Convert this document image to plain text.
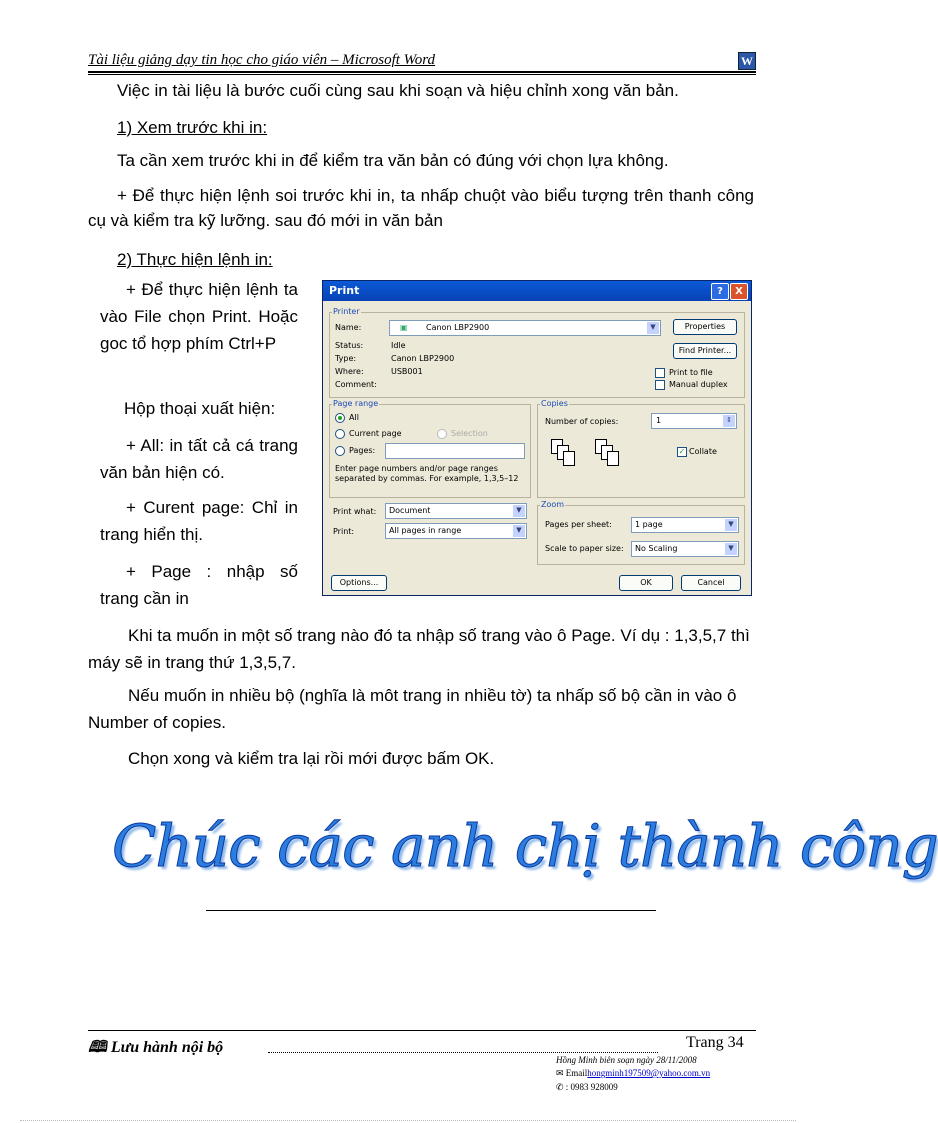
Tài liệu giảng dạy tin học cho giáo viên – Microsoft Word	W

Việc in tài liệu là bước cuối cùng sau khi soạn và hiệu chỉnh xong văn bản.

1) Xem trước khi in:

Ta cần xem trước khi in để kiểm tra văn bản có đúng với chọn lựa không.

+ Để thực hiện lệnh soi trước khi in, ta nhấp chuột vào biểu tượng trên thanh công cụ và kiểm tra kỹ lưỡng. sau đó mới in văn bản

2) Thực hiện lệnh in:

+ Để thực hiện lệnh ta vào File chọn Print. Hoặc goc tổ hợp phím Ctrl+P

Hộp thoại xuất hiện:

+ All: in tất cả cá trang văn bản hiện có.

+ Curent page: Chỉ in trang hiển thị.

+ Page : nhập số trang cần in

Khi ta muốn in một số trang nào đó ta nhập số trang vào ô Page. Ví dụ : 1,3,5,7 thì máy sẽ in trang thứ 1,3,5,7.

Nếu muốn in nhiều bộ (nghĩa là môt trang in nhiều tờ) ta nhấp số bộ cần in vào ô Number of copies.

Chọn xong và kiểm tra lại rồi mới được bấm OK.

Chúc các anh chị thành công
Print	?	X
Printer
Name:	▣ Canon LBP2900	▼	Properties
Find Printer...
Status:	Idle
Type:	Canon LBP2900
Where:	USB001
Comment:
Print to file
Manual duplex
Page range
All
Current page	Selection
Pages:
Enter page numbers and/or page ranges separated by commas. For example, 1,3,5–12
Copies
Number of copies:	1	⇕
✓ Collate
Print what: Document	▼
Print:	All pages in range	▼
Zoom
Pages per sheet:	1 page	▼
Scale to paper size: No Scaling	▼
Options...	OK	Cancel
🕮 Lưu hành nội bộ	Trang 34
Hồng Minh biên soạn ngày 28/11/2008
✉ Emailhongminh197509@yahoo.com.vn
✆ : 0983 928009
